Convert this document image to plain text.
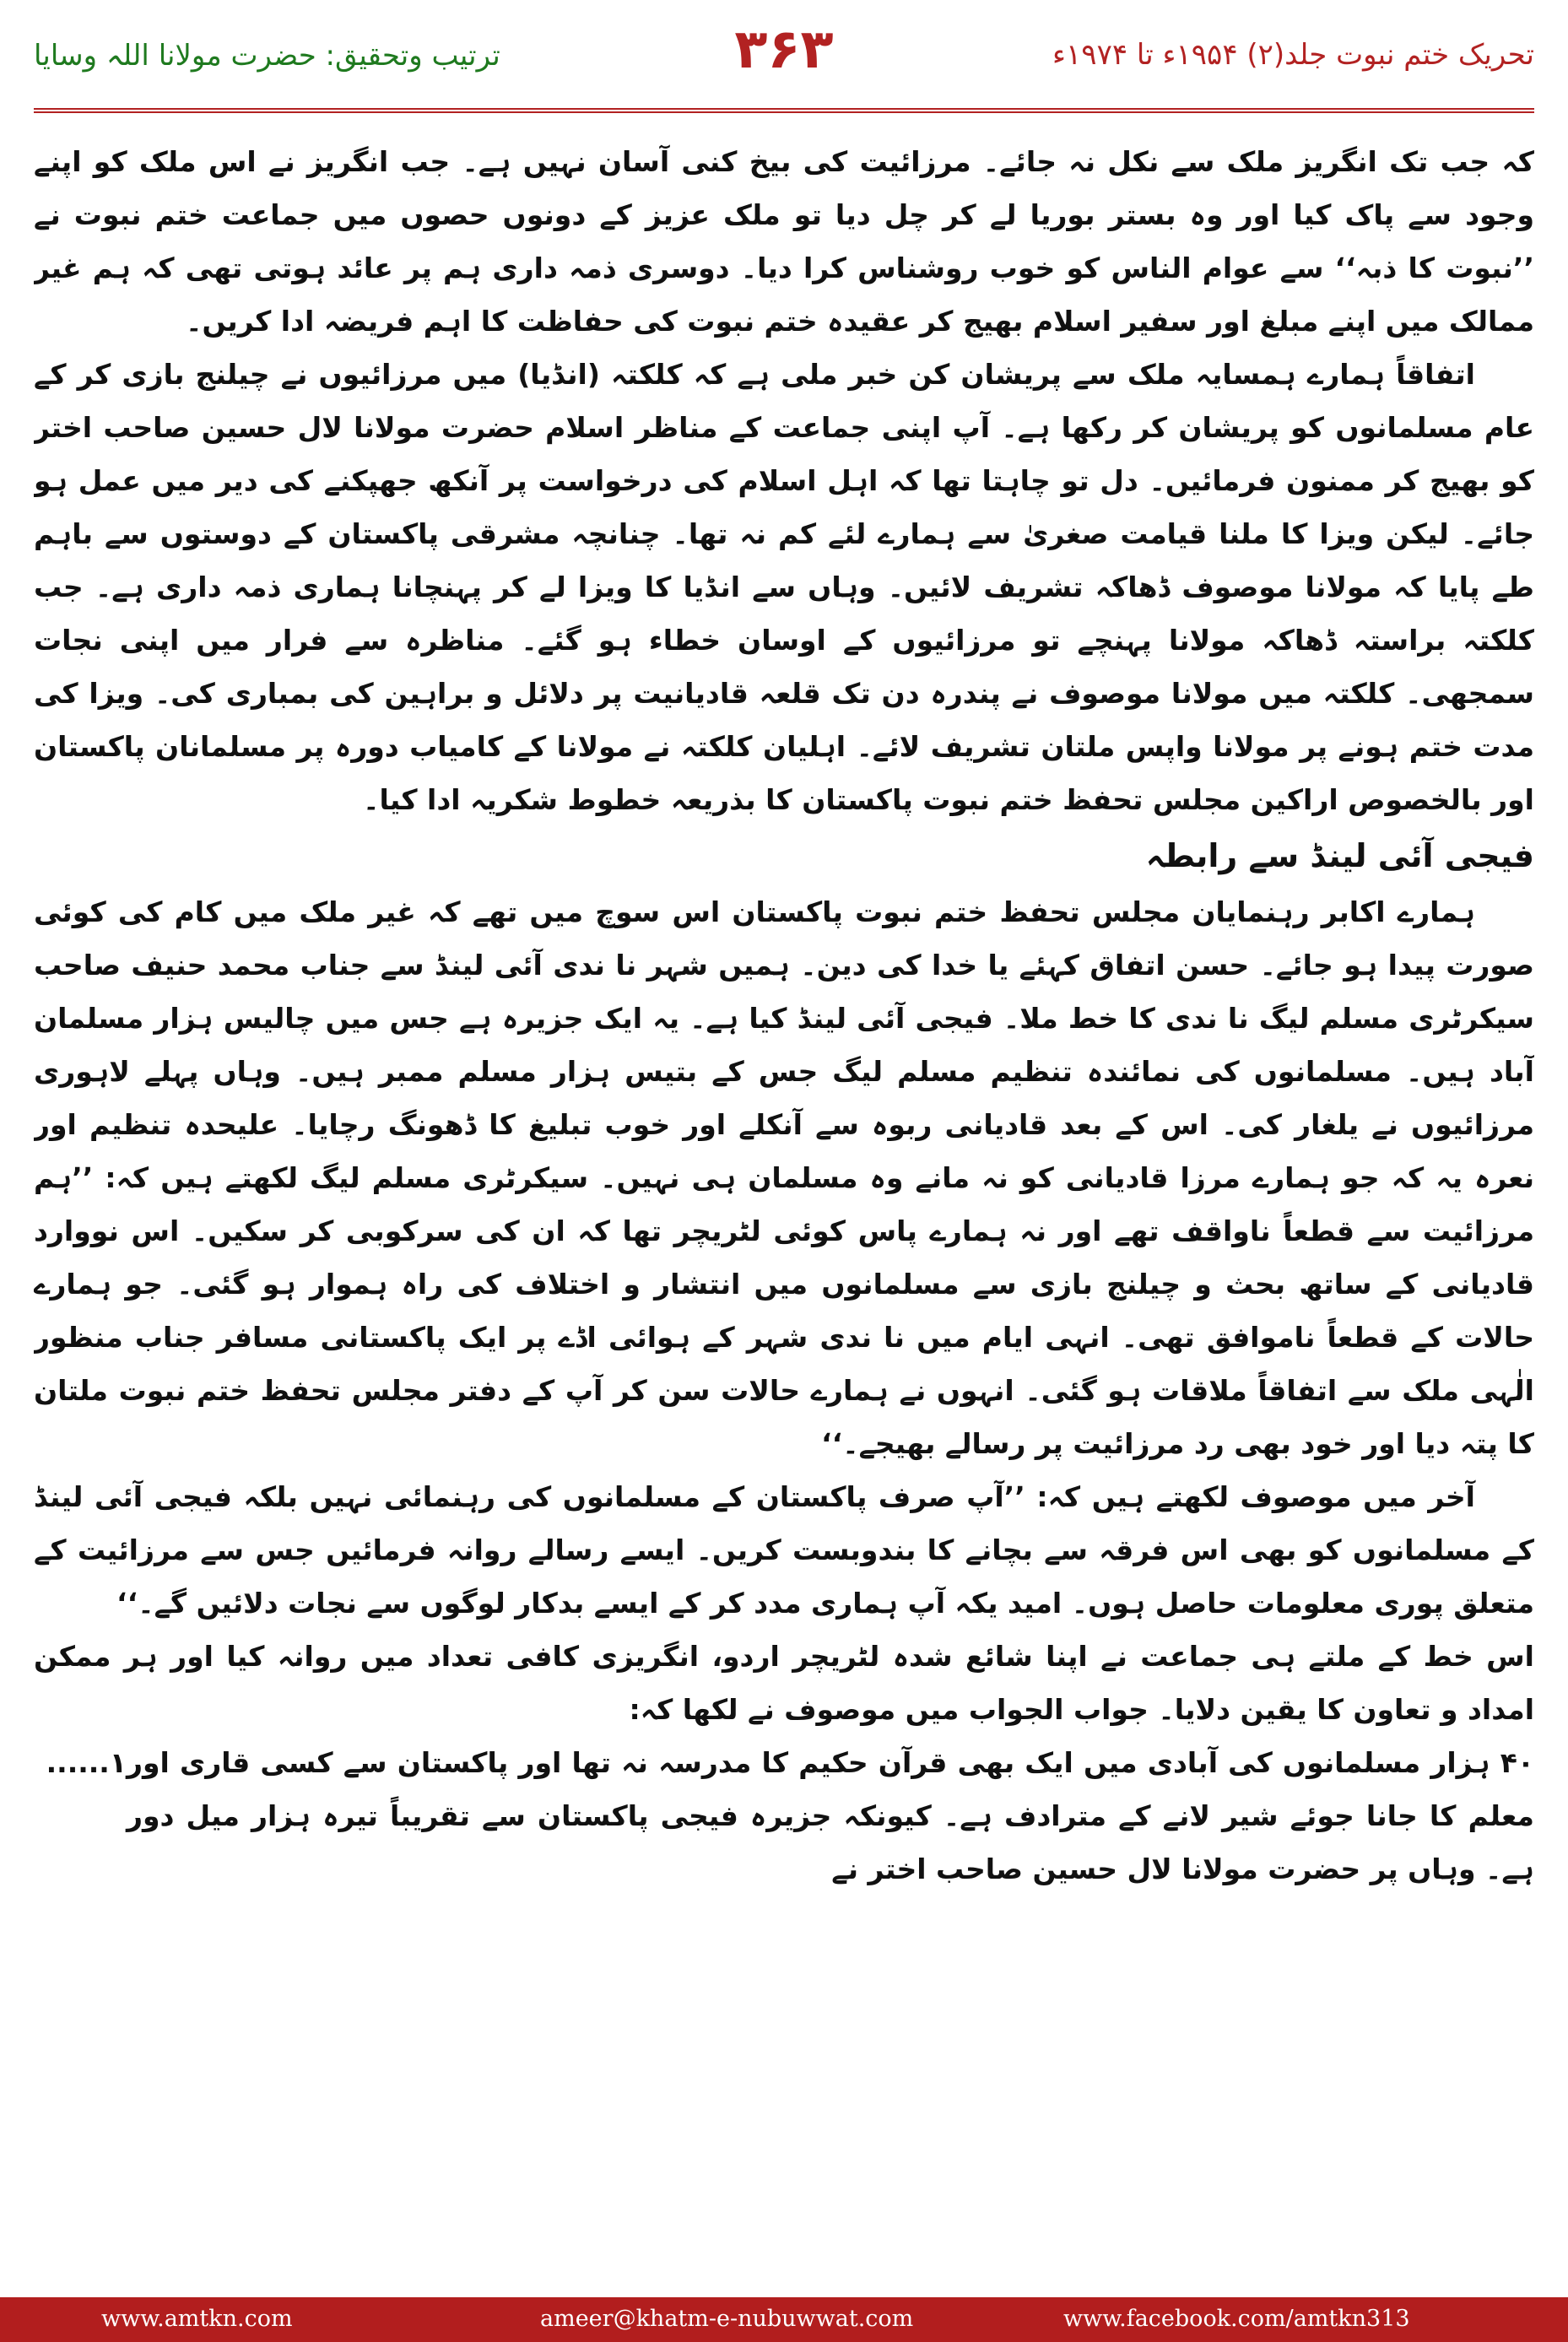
ترتیب وتحقیق: حضرت مولانا اللہ وسایا	۳۶۳	تحریک ختم نبوت جلد(۲) ۱۹۵۴ء تا ۱۹۷۴ء

کہ جب تک انگریز ملک سے نکل نہ جائے۔ مرزائیت کی بیخ کنی آسان نہیں ہے۔ جب انگریز نے اس ملک کو اپنے وجود سے پاک کیا اور وہ بستر بوریا لے کر چل دیا تو ملک عزیز کے دونوں حصوں میں جماعت ختم نبوت نے ’’نبوت کا ذبہ‘‘ سے عوام الناس کو خوب روشناس کرا دیا۔ دوسری ذمہ داری ہم پر عائد ہوتی تھی کہ ہم غیر ممالک میں اپنے مبلغ اور سفیر اسلام بھیج کر عقیدہ ختم نبوت کی حفاظت کا اہم فریضہ ادا کریں۔

اتفاقاً ہمارے ہمسایہ ملک سے پریشان کن خبر ملی ہے کہ کلکتہ (انڈیا) میں مرزائیوں نے چیلنج بازی کر کے عام مسلمانوں کو پریشان کر رکھا ہے۔ آپ اپنی جماعت کے مناظر اسلام حضرت مولانا لال حسین صاحب اختر کو بھیج کر ممنون فرمائیں۔ دل تو چاہتا تھا کہ اہل اسلام کی درخواست پر آنکھ جھپکنے کی دیر میں عمل ہو جائے۔ لیکن ویزا کا ملنا قیامت صغریٰ سے ہمارے لئے کم نہ تھا۔ چنانچہ مشرقی پاکستان کے دوستوں سے باہم طے پایا کہ مولانا موصوف ڈھاکہ تشریف لائیں۔ وہاں سے انڈیا کا ویزا لے کر پہنچانا ہماری ذمہ داری ہے۔ جب کلکتہ براستہ ڈھاکہ مولانا پہنچے تو مرزائیوں کے اوسان خطاء ہو گئے۔ مناظرہ سے فرار میں اپنی نجات سمجھی۔ کلکتہ میں مولانا موصوف نے پندرہ دن تک قلعہ قادیانیت پر دلائل و براہین کی بمباری کی۔ ویزا کی مدت ختم ہونے پر مولانا واپس ملتان تشریف لائے۔ اہلیان کلکتہ نے مولانا کے کامیاب دورہ پر مسلمانان پاکستان اور بالخصوص اراکین مجلس تحفظ ختم نبوت پاکستان کا بذریعہ خطوط شکریہ ادا کیا۔

فیجی آئی لینڈ سے رابطہ

ہمارے اکابر رہنمایان مجلس تحفظ ختم نبوت پاکستان اس سوچ میں تھے کہ غیر ملک میں کام کی کوئی صورت پیدا ہو جائے۔ حسن اتفاق کہئے یا خدا کی دین۔ ہمیں شہر نا ندی آئی لینڈ سے جناب محمد حنیف صاحب سیکرٹری مسلم لیگ نا ندی کا خط ملا۔ فیجی آئی لینڈ کیا ہے۔ یہ ایک جزیرہ ہے جس میں چالیس ہزار مسلمان آباد ہیں۔ مسلمانوں کی نمائندہ تنظیم مسلم لیگ جس کے بتیس ہزار مسلم ممبر ہیں۔ وہاں پہلے لاہوری مرزائیوں نے یلغار کی۔ اس کے بعد قادیانی ربوہ سے آنکلے اور خوب تبلیغ کا ڈھونگ رچایا۔ علیحدہ تنظیم اور نعرہ یہ کہ جو ہمارے مرزا قادیانی کو نہ مانے وہ مسلمان ہی نہیں۔ سیکرٹری مسلم لیگ لکھتے ہیں کہ: ’’ہم مرزائیت سے قطعاً ناواقف تھے اور نہ ہمارے پاس کوئی لٹریچر تھا کہ ان کی سرکوبی کر سکیں۔ اس نووارد قادیانی کے ساتھ بحث و چیلنج بازی سے مسلمانوں میں انتشار و اختلاف کی راہ ہموار ہو گئی۔ جو ہمارے حالات کے قطعاً ناموافق تھی۔ انہی ایام میں نا ندی شہر کے ہوائی اڈے پر ایک پاکستانی مسافر جناب منظور الٰہی ملک سے اتفاقاً ملاقات ہو گئی۔ انہوں نے ہمارے حالات سن کر آپ کے دفتر مجلس تحفظ ختم نبوت ملتان کا پتہ دیا اور خود بھی رد مرزائیت پر رسالے بھیجے۔‘‘

آخر میں موصوف لکھتے ہیں کہ: ’’آپ صرف پاکستان کے مسلمانوں کی رہنمائی نہیں بلکہ فیجی آئی لینڈ کے مسلمانوں کو بھی اس فرقہ سے بچانے کا بندوبست کریں۔ ایسے رسالے روانہ فرمائیں جس سے مرزائیت کے متعلق پوری معلومات حاصل ہوں۔ امید یکہ آپ ہماری مدد کر کے ایسے بدکار لوگوں سے نجات دلائیں گے۔‘‘

اس خط کے ملتے ہی جماعت نے اپنا شائع شدہ لٹریچر اردو، انگریزی کافی تعداد میں روانہ کیا اور ہر ممکن امداد و تعاون کا یقین دلایا۔ جواب الجواب میں موصوف نے لکھا کہ:

۴۰ ہزار مسلمانوں کی آبادی میں ایک بھی قرآن حکیم کا مدرسہ نہ تھا اور پاکستان سے کسی قاری اور معلم کا جانا جوئے شیر لانے کے مترادف ہے۔ کیونکہ جزیرہ فیجی پاکستان سے تقریباً تیرہ ہزار میل دور ہے۔ وہاں پر حضرت مولانا لال حسین صاحب اختر نے
۱......
www.amtkn.com	ameer@khatm-e-nubuwwat.com	www.facebook.com/amtkn313
